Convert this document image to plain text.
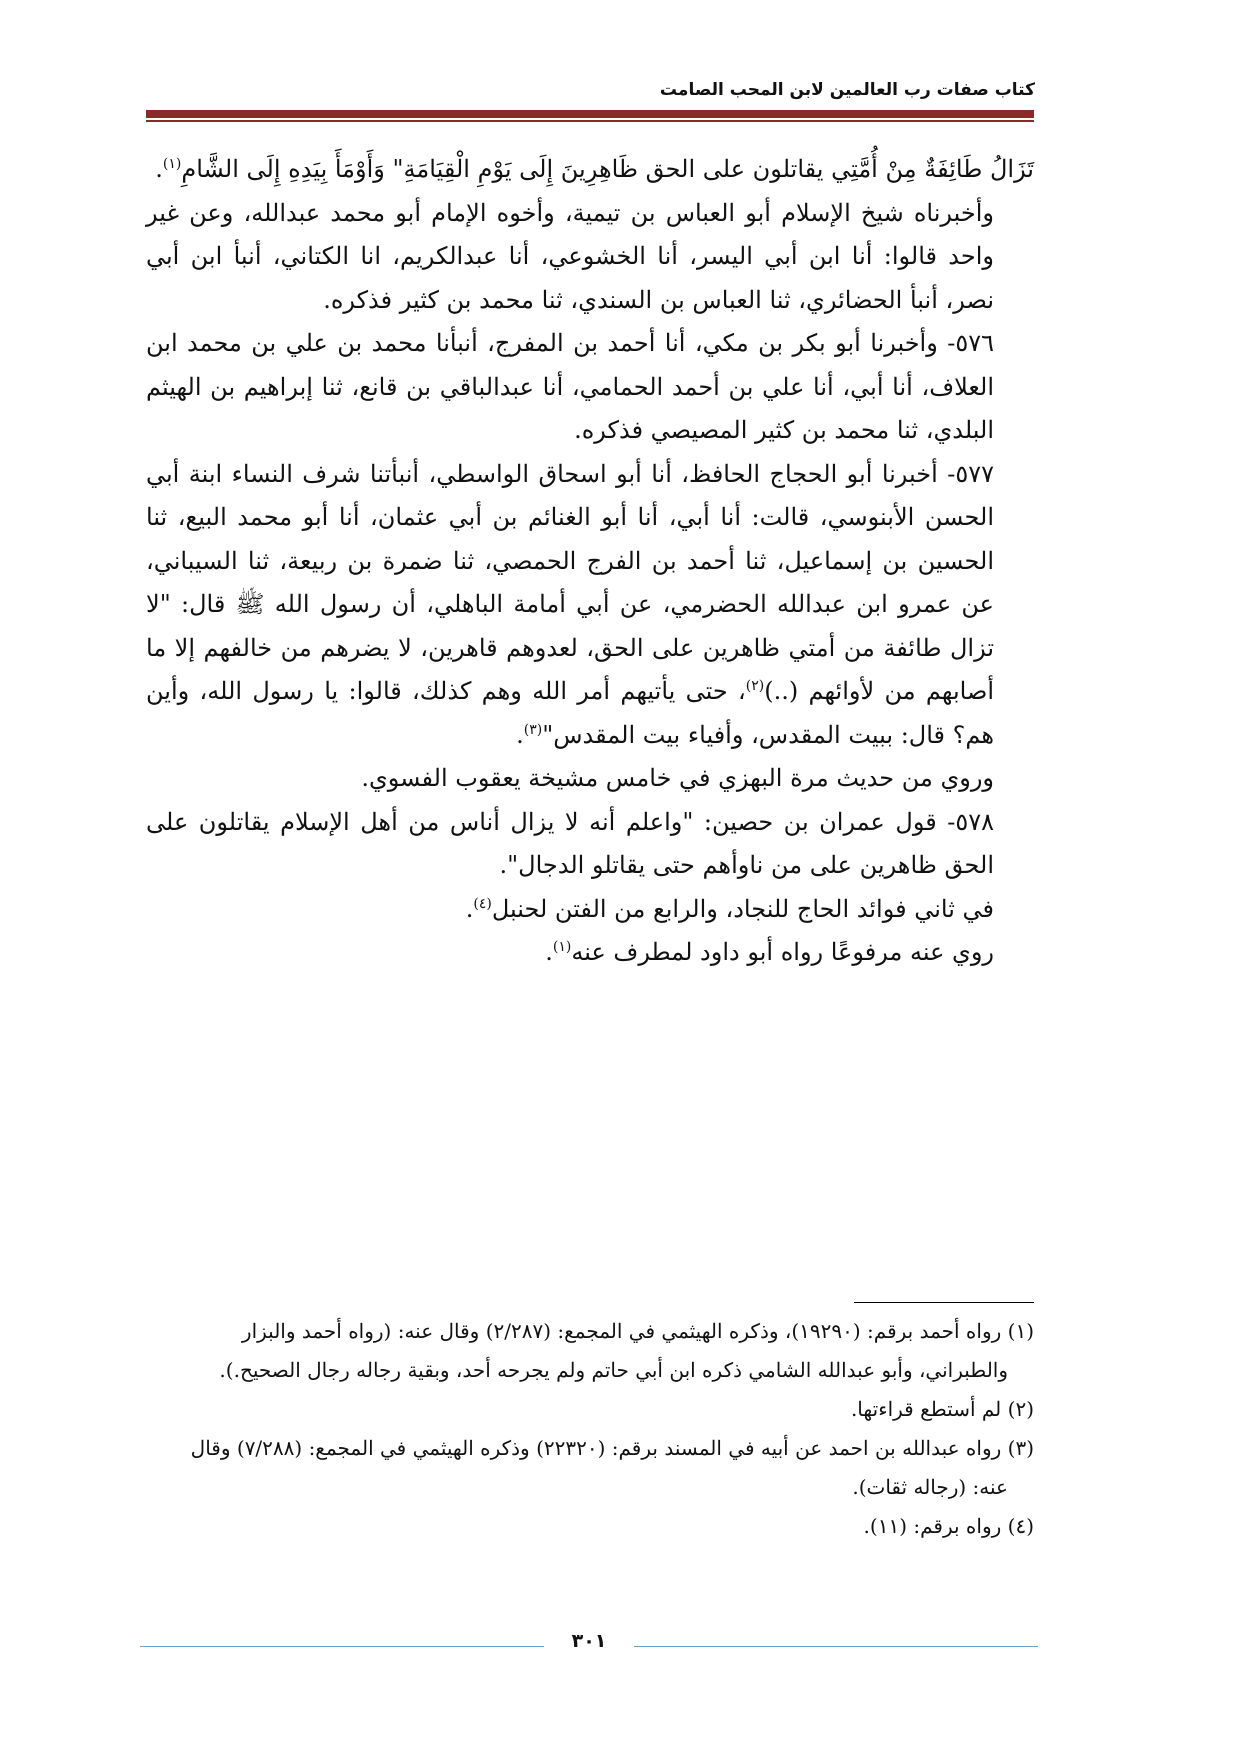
كتاب صفات رب العالمين لابن المحب الصامت

تَزَالُ طَائِفَةٌ مِنْ أُمَّتِي يقاتلون على الحق ظَاهِرِينَ إِلَى يَوْمِ الْقِيَامَةِ" وَأَوْمَأَ بِيَدِهِ إِلَى الشَّامِ$^{(١)}$.

وأخبرناه شيخ الإسلام أبو العباس بن تيمية، وأخوه الإمام أبو محمد عبدالله، وعن غير واحد قالوا: أنا ابن أبي اليسر، أنا الخشوعي، أنا عبدالكريم، انا الكتاني، أنبأ ابن أبي نصر، أنبأ الحضائري، ثنا العباس بن السندي، ثنا محمد بن كثير فذكره.

٥٧٦- وأخبرنا أبو بكر بن مكي، أنا أحمد بن المفرج، أنبأنا محمد بن علي بن محمد ابن العلاف، أنا أبي، أنا علي بن أحمد الحمامي، أنا عبدالباقي بن قانع، ثنا إبراهيم بن الهيثم البلدي، ثنا محمد بن كثير المصيصي فذكره.

٥٧٧- أخبرنا أبو الحجاج الحافظ، أنا أبو اسحاق الواسطي، أنبأتنا شرف النساء ابنة أبي الحسن الأبنوسي، قالت: أنا أبي، أنا أبو الغنائم بن أبي عثمان، أنا أبو محمد البيع، ثنا الحسين بن إسماعيل، ثنا أحمد بن الفرج الحمصي، ثنا ضمرة بن ربيعة، ثنا السيباني، عن عمرو ابن عبدالله الحضرمي، عن أبي أمامة الباهلي، أن رسول الله ﷺ قال: "لا تزال طائفة من أمتي ظاهرين على الحق، لعدوهم قاهرين، لا يضرهم من خالفهم إلا ما أصابهم من لأوائهم (..)$^{(٢)}$، حتى يأتيهم أمر الله وهم كذلك، قالوا: يا رسول الله، وأين هم؟ قال: ببيت المقدس، وأفياء بيت المقدس"$^{(٣)}$.

وروي من حديث مرة البهزي في خامس مشيخة يعقوب الفسوي.

٥٧٨- قول عمران بن حصين: "واعلم أنه لا يزال أناس من أهل الإسلام يقاتلون على الحق ظاهرين على من ناوأهم حتى يقاتلو الدجال".

في ثاني فوائد الحاج للنجاد، والرابع من الفتن لحنبل$^{(٤)}$.

روي عنه مرفوعًا رواه أبو داود لمطرف عنه$^{(١)}$.

(١) رواه أحمد برقم: (١٩٢٩٠)، وذكره الهيثمي في المجمع: (٢/٢٨٧) وقال عنه: (رواه أحمد والبزار

والطبراني، وأبو عبدالله الشامي ذكره ابن أبي حاتم ولم يجرحه أحد، وبقية رجاله رجال الصحيح.).

(٢) لم أستطع قراءتها.

(٣) رواه عبدالله بن احمد عن أبيه في المسند برقم: (٢٢٣٢٠) وذكره الهيثمي في المجمع: (٧/٢٨٨) وقال

عنه: (رجاله ثقات).

(٤) رواه برقم: (١١).

٣٠١
